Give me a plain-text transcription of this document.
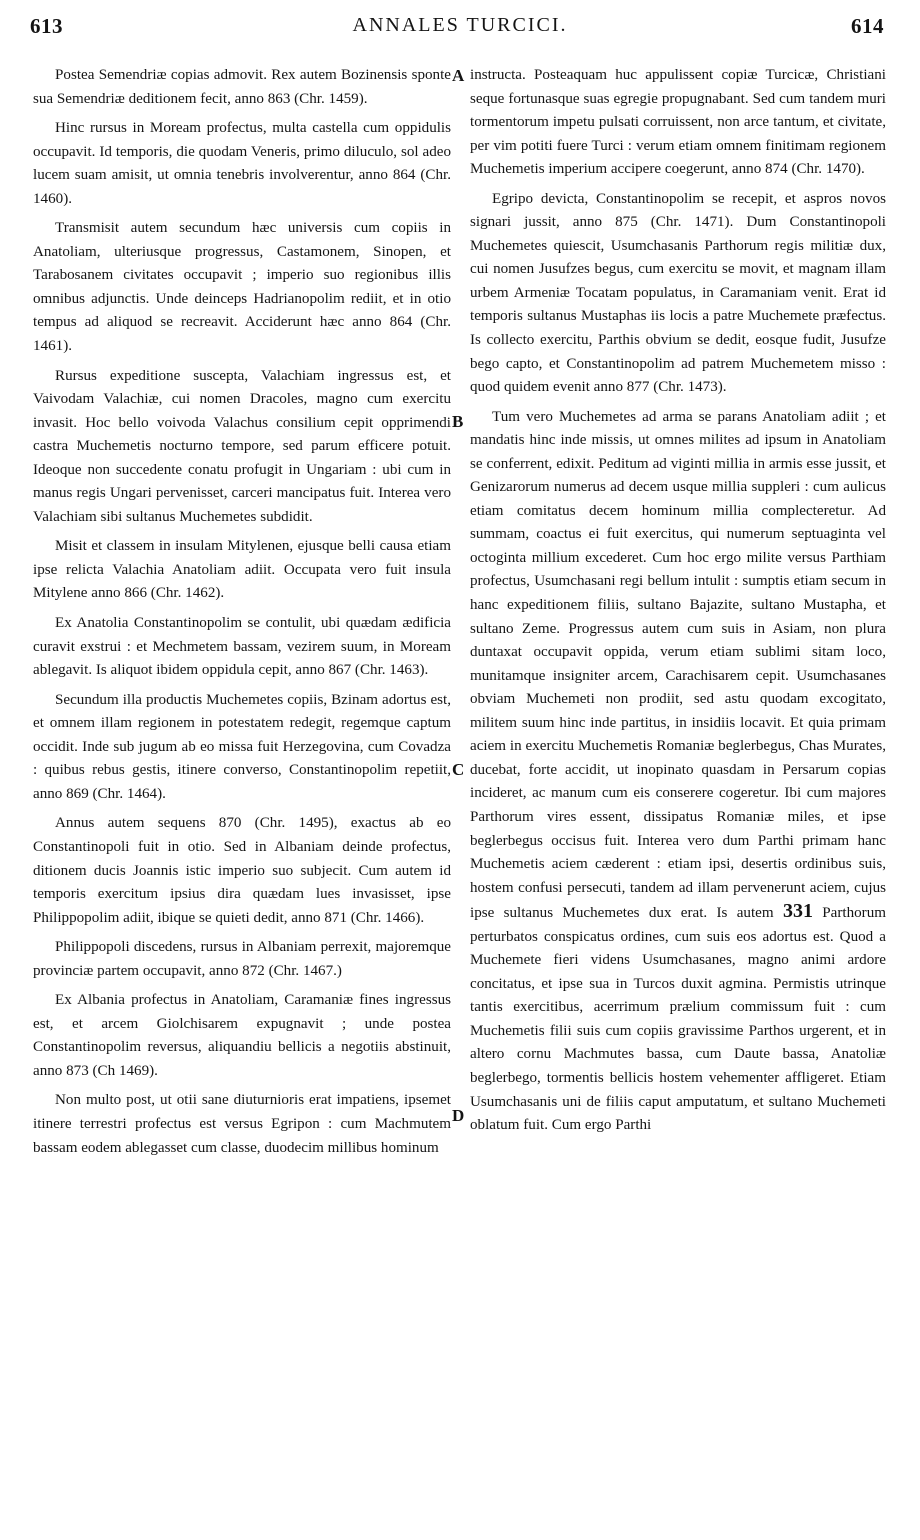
613	ANNALES TURCICI.	614
A
B
C
D

Postea Semendriæ copias admovit. Rex autem Bozinensis sponte sua Semendriæ deditionem fecit, anno 863 (Chr. 1459).

Hinc rursus in Moream profectus, multa castella cum oppidulis occupavit. Id temporis, die quodam Veneris, primo diluculo, sol adeo lucem suam amisit, ut omnia tenebris involverentur, anno 864 (Chr. 1460).

Transmisit autem secundum hæc universis cum copiis in Anatoliam, ulteriusque progressus, Castamonem, Sinopen, et Tarabosanem civitates occupavit ; imperio suo regionibus illis omnibus adjunctis. Unde deinceps Hadrianopolim rediit, et in otio tempus ad aliquod se recreavit. Acciderunt hæc anno 864 (Chr. 1461).

Rursus expeditione suscepta, Valachiam ingressus est, et Vaivodam Valachiæ, cui nomen Dracoles, magno cum exercitu invasit. Hoc bello voivoda Valachus consilium cepit opprimendi castra Muchemetis nocturno tempore, sed parum efficere potuit. Ideoque non succedente conatu profugit in Ungariam : ubi cum in manus regis Ungari pervenisset, carceri mancipatus fuit. Interea vero Valachiam sibi sultanus Muchemetes subdidit.

Misit et classem in insulam Mitylenen, ejusque belli causa etiam ipse relicta Valachia Anatoliam adiit. Occupata vero fuit insula Mitylene anno 866 (Chr. 1462).

Ex Anatolia Constantinopolim se contulit, ubi quædam ædificia curavit exstrui : et Mechmetem bassam, vezirem suum, in Moream ablegavit. Is aliquot ibidem oppidula cepit, anno 867 (Chr. 1463).

Secundum illa productis Muchemetes copiis, Bzinam adortus est, et omnem illam regionem in potestatem redegit, regemque captum occidit. Inde sub jugum ab eo missa fuit Herzegovina, cum Covadza : quibus rebus gestis, itinere converso, Constantinopolim repetiit, anno 869 (Chr. 1464).

Annus autem sequens 870 (Chr. 1495), exactus ab eo Constantinopoli fuit in otio. Sed in Albaniam deinde profectus, ditionem ducis Joannis istic imperio suo subjecit. Cum autem id temporis exercitum ipsius dira quædam lues invasisset, ipse Philippopolim adiit, ibique se quieti dedit, anno 871 (Chr. 1466).

Philippopoli discedens, rursus in Albaniam perrexit, majoremque provinciæ partem occupavit, anno 872 (Chr. 1467.)

Ex Albania profectus in Anatoliam, Caramaniæ fines ingressus est, et arcem Giolchisarem expugnavit ; unde postea Constantinopolim reversus, aliquandiu bellicis a negotiis abstinuit, anno 873 (Ch 1469).

Non multo post, ut otii sane diuturnioris erat impatiens, ipsemet itinere terrestri profectus est versus Egripon : cum Machmutem bassam eodem ablegasset cum classe, duodecim millibus hominum

instructa. Posteaquam huc appulissent copiæ Turcicæ, Christiani seque fortunasque suas egregie propugnabant. Sed cum tandem muri tormentorum impetu pulsati corruissent, non arce tantum, et civitate, per vim potiti fuere Turci : verum etiam omnem finitimam regionem Muchemetis imperium accipere coegerunt, anno 874 (Chr. 1470).

Egripo devicta, Constantinopolim se recepit, et aspros novos signari jussit, anno 875 (Chr. 1471). Dum Constantinopoli Muchemetes quiescit, Usumchasanis Parthorum regis militiæ dux, cui nomen Jusufzes begus, cum exercitu se movit, et magnam illam urbem Armeniæ Tocatam populatus, in Caramaniam venit. Erat id temporis sultanus Mustaphas iis locis a patre Muchemete præfectus. Is collecto exercitu, Parthis obvium se dedit, eosque fudit, Jusufze bego capto, et Constantinopolim ad patrem Muchemetem misso : quod quidem evenit anno 877 (Chr. 1473).

Tum vero Muchemetes ad arma se parans Anatoliam adiit ; et mandatis hinc inde missis, ut omnes milites ad ipsum in Anatoliam se conferrent, edixit. Peditum ad viginti millia in armis esse jussit, et Genizarorum numerus ad decem usque millia suppleri : cum aulicus etiam comitatus decem hominum millia complecteretur. Ad summam, coactus ei fuit exercitus, qui numerum septuaginta vel octoginta millium excederet. Cum hoc ergo milite versus Parthiam profectus, Usumchasani regi bellum intulit : sumptis etiam secum in hanc expeditionem filiis, sultano Bajazite, sultano Mustapha, et sultano Zeme. Progressus autem cum suis in Asiam, non plura duntaxat occupavit oppida, verum etiam sublimi sitam loco, munitamque insigniter arcem, Carachisarem cepit. Usumchasanes obviam Muchemeti non prodiit, sed astu quodam excogitato, militem suum hinc inde partitus, in insidiis locavit. Et quia primam aciem in exercitu Muchemetis Romaniæ beglerbegus, Chas Murates, ducebat, forte accidit, ut inopinato quasdam in Persarum copias incideret, ac manum cum eis conserere cogeretur. Ibi cum majores Parthorum vires essent, dissipatus Romaniæ miles, et ipse beglerbegus occisus fuit. Interea vero dum Parthi primam hanc Muchemetis aciem cæderent : etiam ipsi, desertis ordinibus suis, hostem confusi persecuti, tandem ad illam pervenerunt aciem, cujus ipse sultanus Muchemetes dux erat. Is autem 331 Parthorum perturbatos conspicatus ordines, cum suis eos adortus est. Quod a Muchemete fieri videns Usumchasanes, magno animi ardore concitatus, et ipse sua in Turcos duxit agmina. Permistis utrinque tantis exercitibus, acerrimum prælium commissum fuit : cum Muchemetis filii suis cum copiis gravissime Parthos urgerent, et in altero cornu Machmutes bassa, cum Daute bassa, Anatoliæ beglerbego, tormentis bellicis hostem vehementer affligeret. Etiam Usumchasanis uni de filiis caput amputatum, et sultano Muchemeti oblatum fuit. Cum ergo Parthi
